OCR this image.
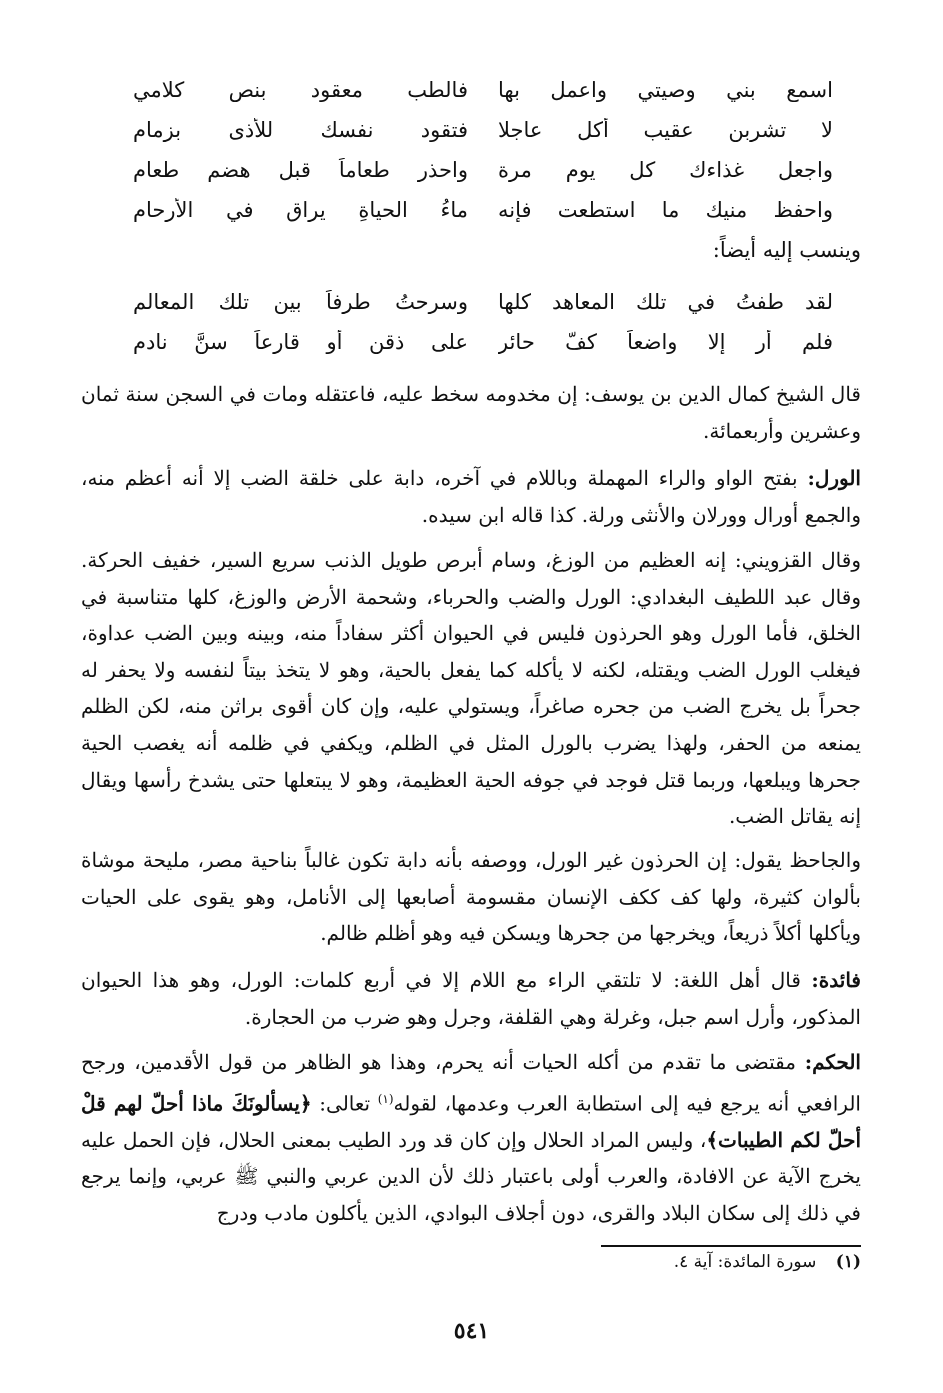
اسمع بني وصيتي واعمل بها
فالطب معقود بنص كلامي
لا تشربن عقيب أكل عاجلا
فتقود نفسك للأذى بزمام
واجعل غذاءك كل يوم مرة
واحذر طعاماً قبل هضم طعام
واحفظ منيك ما استطعت فإنه
ماءُ الحياةِ يراق في الأرحام
وينسب إليه أيضاً:
لقد طفتُ في تلك المعاهد كلها
وسرحتُ طرفاً بين تلك المعالم
فلم أر إلا واضعاً كفّ حائرٍ
على ذقنٍ أو قارعاً سنَّ نادمِ

قال الشيخ كمال الدين بن يوسف: إن مخدومه سخط عليه، فاعتقله ومات في السجن سنة ثمان وعشرين وأربعمائة.

الورل: بفتح الواو والراء المهملة وباللام في آخره، دابة على خلقة الضب إلا أنه أعظم منه، والجمع أورال وورلان والأنثى ورلة. كذا قاله ابن سيده.

وقال القزويني: إنه العظيم من الوزغ، وسام أبرص طويل الذنب سريع السير، خفيف الحركة. وقال عبد اللطيف البغدادي: الورل والضب والحرباء، وشحمة الأرض والوزغ، كلها متناسبة في الخلق، فأما الورل وهو الحرذون فليس في الحيوان أكثر سفاداً منه، وبينه وبين الضب عداوة، فيغلب الورل الضب ويقتله، لكنه لا يأكله كما يفعل بالحية، وهو لا يتخذ بيتاً لنفسه ولا يحفر له جحراً بل يخرج الضب من جحره صاغراً، ويستولي عليه، وإن كان أقوى براثن منه، لكن الظلم يمنعه من الحفر، ولهذا يضرب بالورل المثل في الظلم، ويكفي في ظلمه أنه يغصب الحية جحرها ويبلعها، وربما قتل فوجد في جوفه الحية العظيمة، وهو لا يبتعلها حتى يشدخ رأسها ويقال إنه يقاتل الضب.

والجاحظ يقول: إن الحرذون غير الورل، ووصفه بأنه دابة تكون غالباً بناحية مصر، مليحة موشاة بألوان كثيرة، ولها كف ككف الإنسان مقسومة أصابعها إلى الأنامل، وهو يقوى على الحيات ويأكلها أكلاً ذريعاً، ويخرجها من جحرها ويسكن فيه وهو أظلم ظالم.

فائدة: قال أهل اللغة: لا تلتقي الراء مع اللام إلا في أربع كلمات: الورل، وهو هذا الحيوان المذكور، وأرل اسم جبل، وغرلة وهي القلفة، وجرل وهو ضرب من الحجارة.

الحكم: مقتضى ما تقدم من أكله الحيات أنه يحرم، وهذا هو الظاهر من قول الأقدمين، ورجح الرافعي أنه يرجع فيه إلى استطابة العرب وعدمها، لقوله$^{(١)}$ تعالى: ﴿يسألونَكَ ماذا أحلّ لهم قلْ أحلّ لكم الطيبات﴾، وليس المراد الحلال وإن كان قد ورد الطيب بمعنى الحلال، فإن الحمل عليه يخرج الآية عن الافادة، والعرب أولى باعتبار ذلك لأن الدين عربي والنبي ﷺ عربي، وإنما يرجع في ذلك إلى سكان البلاد والقرى، دون أجلاف البوادي، الذين يأكلون مادب ودرج

(١) سورة المائدة: آية ٤.
٥٤١
